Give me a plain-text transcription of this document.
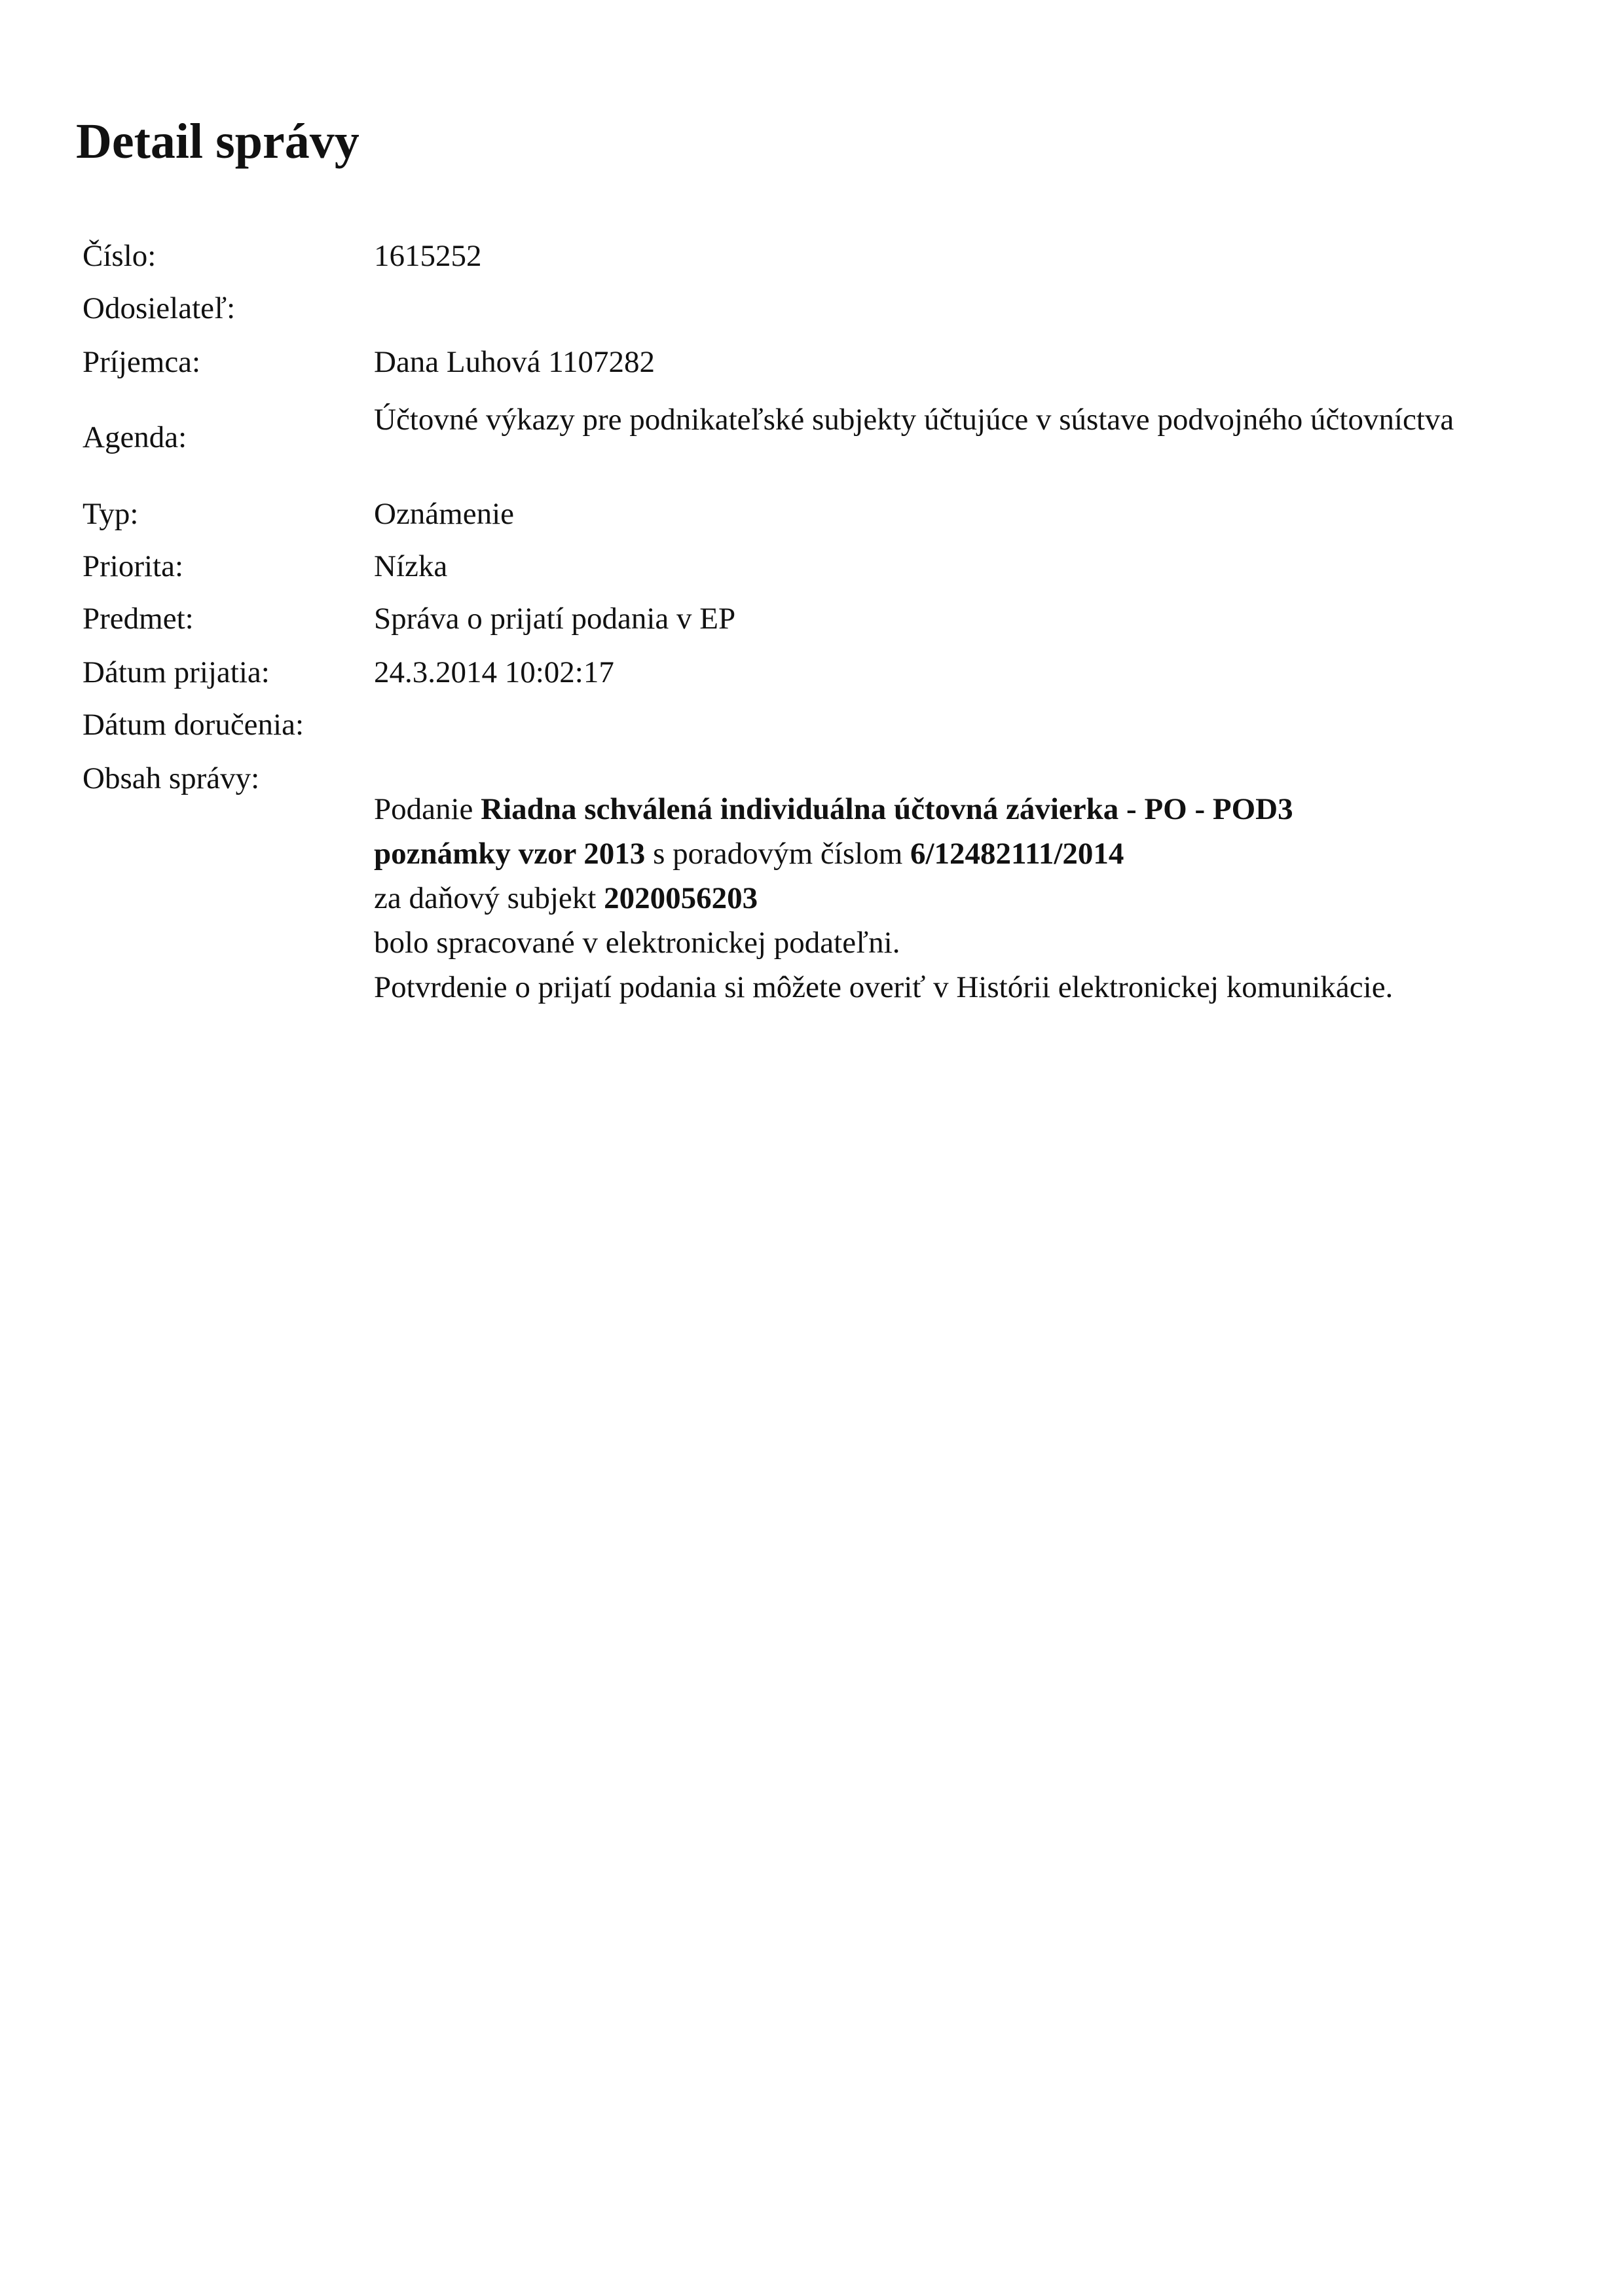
Detail správy
Číslo:	1615252
Odosielateľ:
Príjemca:	Dana Luhová 1107282
Agenda:
Účtovné výkazy pre podnikateľské subjekty účtujúce v sústave podvojného účtovníctva
Typ:	Oznámenie
Priorita:	Nízka
Predmet:	Správa o prijatí podania v EP
Dátum prijatia:	24.3.2014 10:02:17
Dátum doručenia:
Obsah správy:
Podanie Riadna schválená individuálna účtovná závierka - PO - POD3
poznámky vzor 2013 s poradovým číslom 6/12482111/2014
za daňový subjekt 2020056203
bolo spracované v elektronickej podateľni.
Potvrdenie o prijatí podania si môžete overiť v Histórii elektronickej komunikácie.
